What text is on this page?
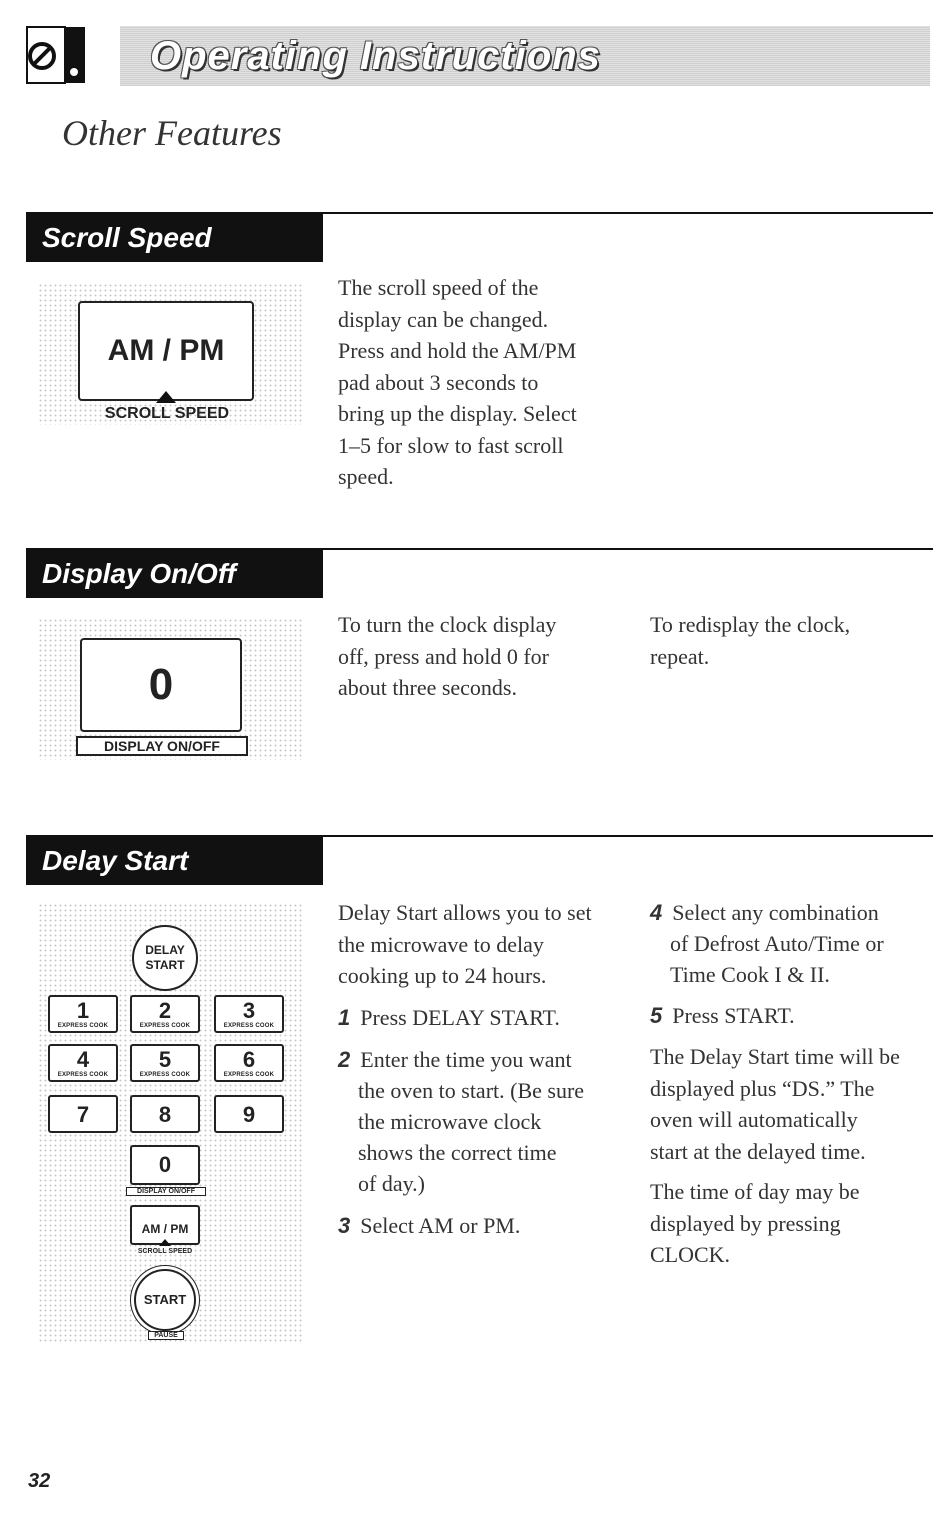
Operating Instructions
Other Features
Scroll Speed
AM / PM
SCROLL SPEED
The scroll speed of the
display can be changed.
Press and hold the AM/PM
pad about 3 seconds to
bring up the display. Select
1–5 for slow to fast scroll
speed.
Display On/Off
0
DISPLAY ON/OFF
To turn the clock display
off, press and hold 0 for
about three seconds.
To redisplay the clock,
repeat.
Delay Start
DELAY
START
1
EXPRESS COOK
2
EXPRESS COOK
3
EXPRESS COOK
4
EXPRESS COOK
5
EXPRESS COOK
6
EXPRESS COOK
7	8	9
0
DISPLAY ON/OFF
AM / PM
SCROLL SPEED
START
PAUSE
Delay Start allows you to set
the microwave to delay
cooking up to 24 hours.
1 Press DELAY START.
2 Enter the time you want
the oven to start. (Be sure
the microwave clock
shows the correct time
of day.)
3 Select AM or PM.
4 Select any combination
of Defrost Auto/Time or
Time Cook I & II.
5 Press START.
The Delay Start time will be
displayed plus “DS.” The
oven will automatically
start at the delayed time.
The time of day may be
displayed by pressing
CLOCK.
32
